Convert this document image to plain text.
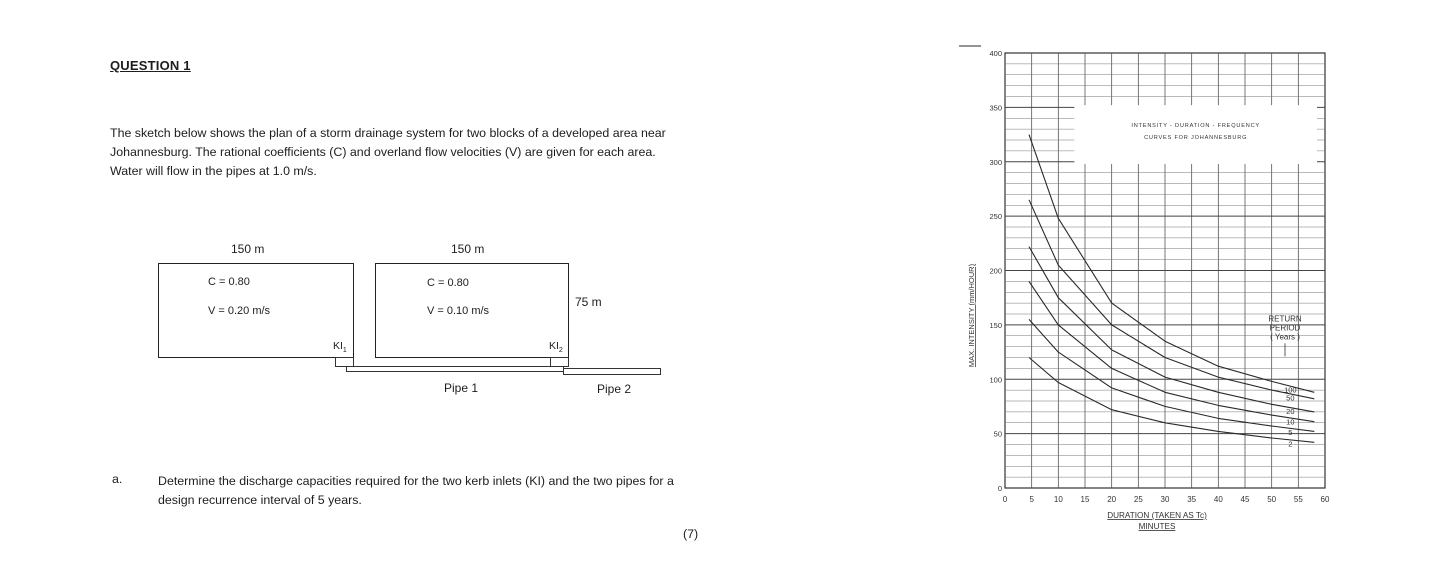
QUESTION 1
The sketch below shows the plan of a storm drainage system for two blocks of a developed area near
Johannesburg. The rational coefficients (C) and overland flow velocities (V) are given for each area.
Water will flow in the pipes at 1.0 m/s.
150 m	150 m
C = 0.80
V = 0.20 m/s
C = 0.80
V = 0.10 m/s
75 m
$KI_1$	$KI_2$
Pipe 1	Pipe 2
a.	Determine the discharge capacities required for the two kerb inlets (KI) and the two pipes for a
design recurrence interval of 5 years.
(7)
0	5 10 15 20 25 30 35 40 45 50 55 60
0
50
100
150
200
250
300
350
400
100
50
20
10
5
2
INTENSITY - DURATION - FREQUENCY
CURVES FOR JOHANNESBURG
DURATION (TAKEN AS Tc)
MINUTES
MAX. INTENSITY (mm/HOUR)	RETURN
PERIOD
( Years )
